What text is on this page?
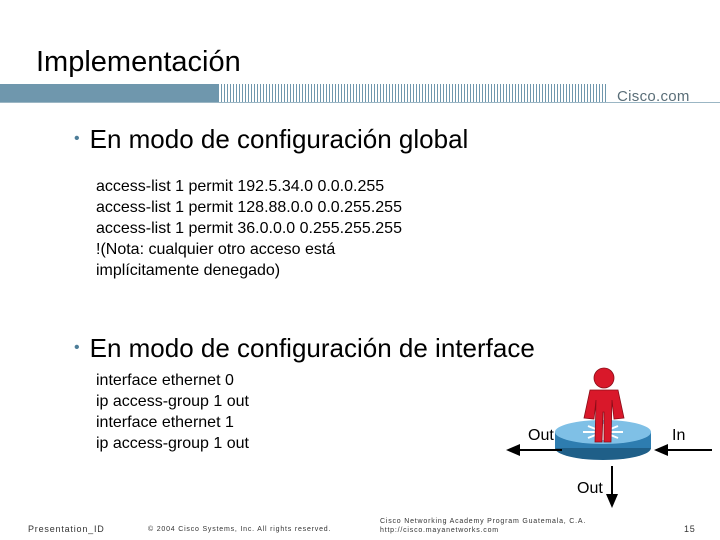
Implementación
Cisco.com
• En modo de configuración global
access-list 1 permit 192.5.34.0 0.0.0.255
access-list 1 permit 128.88.0.0 0.0.255.255
access-list 1 permit 36.0.0.0 0.255.255.255
!(Nota: cualquier otro acceso está
implícitamente denegado)
• En modo de configuración de interface
interface ethernet 0
ip access-group 1 out
interface ethernet 1
ip access-group 1 out	Out	In
Out
Presentation_ID	© 2004 Cisco Systems, Inc. All rights reserved.
Cisco Networking Academy Program Guatemala, C.A.
http://cisco.mayanetworks.com	15
